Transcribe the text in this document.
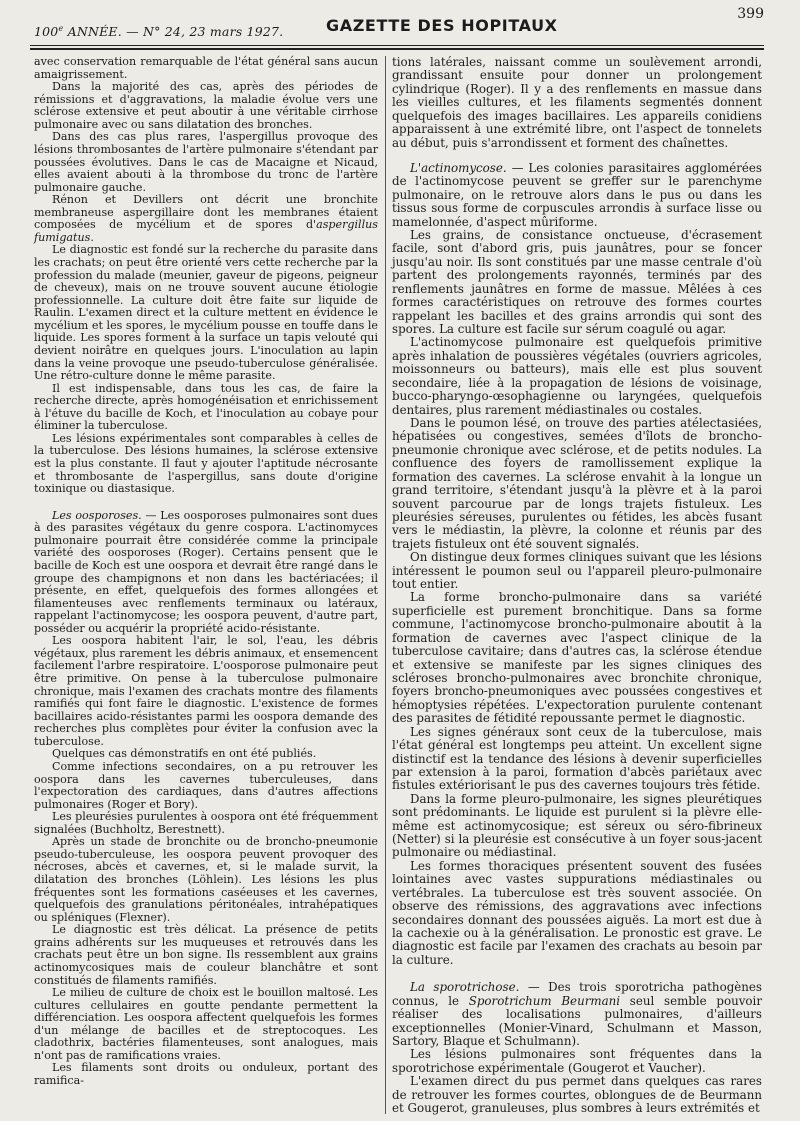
100e ANNÉE. — N° 24, 23 mars 1927.	GAZETTE DES HOPITAUX
399

avec conservation remarquable de l'état général sans aucun amaigrissement.

Dans la majorité des cas, après des périodes de rémissions et d'aggravations, la maladie évolue vers une sclérose extensive et peut aboutir à une véritable cirrhose pulmonaire avec ou sans dilatation des bronches.

Dans des cas plus rares, l'aspergillus provoque des lésions thrombosantes de l'artère pulmonaire s'étendant par poussées évolutives. Dans le cas de Macaigne et Nicaud, elles avaient abouti à la thrombose du tronc de l'artère pulmonaire gauche.

Rénon et Devillers ont décrit une bronchite membraneuse aspergillaire dont les membranes étaient composées de mycélium et de spores d'aspergillus fumigatus.

Le diagnostic est fondé sur la recherche du parasite dans les crachats; on peut être orienté vers cette recherche par la profession du malade (meunier, gaveur de pigeons, peigneur de cheveux), mais on ne trouve souvent aucune étiologie professionnelle. La culture doit être faite sur liquide de Raulin. L'examen direct et la culture mettent en évidence le mycélium et les spores, le mycélium pousse en touffe dans le liquide. Les spores forment à la surface un tapis velouté qui devient noirâtre en quelques jours. L'inoculation au lapin dans la veine provoque une pseudo-tuberculose généralisée. Une rétro-culture donne le même parasite.

Il est indispensable, dans tous les cas, de faire la recherche directe, après homogénéisation et enrichissement à l'étuve du bacille de Koch, et l'inoculation au cobaye pour éliminer la tuberculose.

Les lésions expérimentales sont comparables à celles de la tuberculose. Des lésions humaines, la sclérose extensive est la plus constante. Il faut y ajouter l'aptitude nécrosante et thrombosante de l'aspergillus, sans doute d'origine toxinique ou diastasique.

Les oosporoses. — Les oosporoses pulmonaires sont dues à des parasites végétaux du genre cospora. L'actinomyces pulmonaire pourrait être considérée comme la principale variété des oosporoses (Roger). Certains pensent que le bacille de Koch est une oospora et devrait être rangé dans le groupe des champignons et non dans les bactériacées; il présente, en effet, quelquefois des formes allongées et filamenteuses avec renflements terminaux ou latéraux, rappelant l'actinomycose; les oospora peuvent, d'autre part, posséder ou acquérir la propriété acido-résistante.

Les oospora habitent l'air, le sol, l'eau, les débris végétaux, plus rarement les débris animaux, et ensemencent facilement l'arbre respiratoire. L'oosporose pulmonaire peut être primitive. On pense à la tuberculose pulmonaire chronique, mais l'examen des crachats montre des filaments ramifiés qui font faire le diagnostic. L'existence de formes bacillaires acido-résistantes parmi les oospora demande des recherches plus complètes pour éviter la confusion avec la tuberculose.

Quelques cas démonstratifs en ont été publiés.

Comme infections secondaires, on a pu retrouver les oospora dans les cavernes tuberculeuses, dans l'expectoration des cardiaques, dans d'autres affections pulmonaires (Roger et Bory).

Les pleurésies purulentes à oospora ont été fréquemment signalées (Buchholtz, Berestnett).

Après un stade de bronchite ou de broncho-pneumonie pseudo-tuberculeuse, les oospora peuvent provoquer des nécroses, abcès et cavernes, et, si le malade survit, la dilatation des bronches (Löhlein). Les lésions les plus fréquentes sont les formations caséeuses et les cavernes, quelquefois des granulations péritonéales, intrahépatiques ou spléniques (Flexner).

Le diagnostic est très délicat. La présence de petits grains adhérents sur les muqueuses et retrouvés dans les crachats peut être un bon signe. Ils ressemblent aux grains actinomycosiques mais de couleur blanchâtre et sont constitués de filaments ramifiés.

Le milieu de culture de choix est le bouillon maltosé. Les cultures cellulaires en goutte pendante permettent la différenciation. Les oospora affectent quelquefois les formes d'un mélange de bacilles et de streptocoques. Les cladothrix, bactéries filamenteuses, sont analogues, mais n'ont pas de ramifications vraies.

Les filaments sont droits ou onduleux, portant des ramifica-

tions latérales, naissant comme un soulèvement arrondi, grandissant ensuite pour donner un prolongement cylindrique (Roger). Il y a des renflements en massue dans les vieilles cultures, et les filaments segmentés donnent quelquefois des images bacillaires. Les appareils conidiens apparaissent à une extrémité libre, ont l'aspect de tonnelets au début, puis s'arrondissent et forment des chaînettes.

L'actinomycose. — Les colonies parasitaires agglomérées de l'actinomycose peuvent se greffer sur le parenchyme pulmonaire, on le retrouve alors dans le pus ou dans les tissus sous forme de corpuscules arrondis à surface lisse ou mamelonnée, d'aspect mûriforme.

Les grains, de consistance onctueuse, d'écrasement facile, sont d'abord gris, puis jaunâtres, pour se foncer jusqu'au noir. Ils sont constitués par une masse centrale d'où partent des prolongements rayonnés, terminés par des renflements jaunâtres en forme de massue. Mêlées à ces formes caractéristiques on retrouve des formes courtes rappelant les bacilles et des grains arrondis qui sont des spores. La culture est facile sur sérum coagulé ou agar.

L'actinomycose pulmonaire est quelquefois primitive après inhalation de poussières végétales (ouvriers agricoles, moissonneurs ou batteurs), mais elle est plus souvent secondaire, liée à la propagation de lésions de voisinage, bucco-pharyngo-œsophagienne ou laryngées, quelquefois dentaires, plus rarement médiastinales ou costales.

Dans le poumon lésé, on trouve des parties atélectasiées, hépatisées ou congestives, semées d'îlots de broncho-pneumonie chronique avec sclérose, et de petits nodules. La confluence des foyers de ramollissement explique la formation des cavernes. La sclérose envahit à la longue un grand territoire, s'étendant jusqu'à la plèvre et à la paroi souvent parcourue par de longs trajets fistuleux. Les pleurésies séreuses, purulentes ou fétides, les abcès fusant vers le médiastin, la plèvre, la colonne et réunis par des trajets fistuleux ont été souvent signalés.

On distingue deux formes cliniques suivant que les lésions intéressent le poumon seul ou l'appareil pleuro-pulmonaire tout entier.

La forme broncho-pulmonaire dans sa variété superficielle est purement bronchitique. Dans sa forme commune, l'actinomycose broncho-pulmonaire aboutit à la formation de cavernes avec l'aspect clinique de la tuberculose cavitaire; dans d'autres cas, la sclérose étendue et extensive se manifeste par les signes cliniques des scléroses broncho-pulmonaires avec bronchite chronique, foyers broncho-pneumoniques avec poussées congestives et hémoptysies répétées. L'expectoration purulente contenant des parasites de fétidité repoussante permet le diagnostic.

Les signes généraux sont ceux de la tuberculose, mais l'état général est longtemps peu atteint. Un excellent signe distinctif est la tendance des lésions à devenir superficielles par extension à la paroi, formation d'abcès pariétaux avec fistules extériorisant le pus des cavernes toujours très fétide.

Dans la forme pleuro-pulmonaire, les signes pleurétiques sont prédominants. Le liquide est purulent si la plèvre elle-même est actinomycosique; est séreux ou séro-fibrineux (Netter) si la pleurésie est consécutive à un foyer sous-jacent pulmonaire ou médiastinal.

Les formes thoraciques présentent souvent des fusées lointaines avec vastes suppurations médiastinales ou vertébrales. La tuberculose est très souvent associée. On observe des rémissions, des aggravations avec infections secondaires donnant des poussées aiguës. La mort est due à la cachexie ou à la généralisation. Le pronostic est grave. Le diagnostic est facile par l'examen des crachats au besoin par la culture.

La sporotrichose. — Des trois sporotricha pathogènes connus, le Sporotrichum Beurmani seul semble pouvoir réaliser des localisations pulmonaires, d'ailleurs exceptionnelles (Monier-Vinard, Schulmann et Masson, Sartory, Blaque et Schulmann).

Les lésions pulmonaires sont fréquentes dans la sporotrichose expérimentale (Gougerot et Vaucher).

L'examen direct du pus permet dans quelques cas rares de retrouver les formes courtes, oblongues de de Beurmann et Gougerot, granuleuses, plus sombres à leurs extrémités et
